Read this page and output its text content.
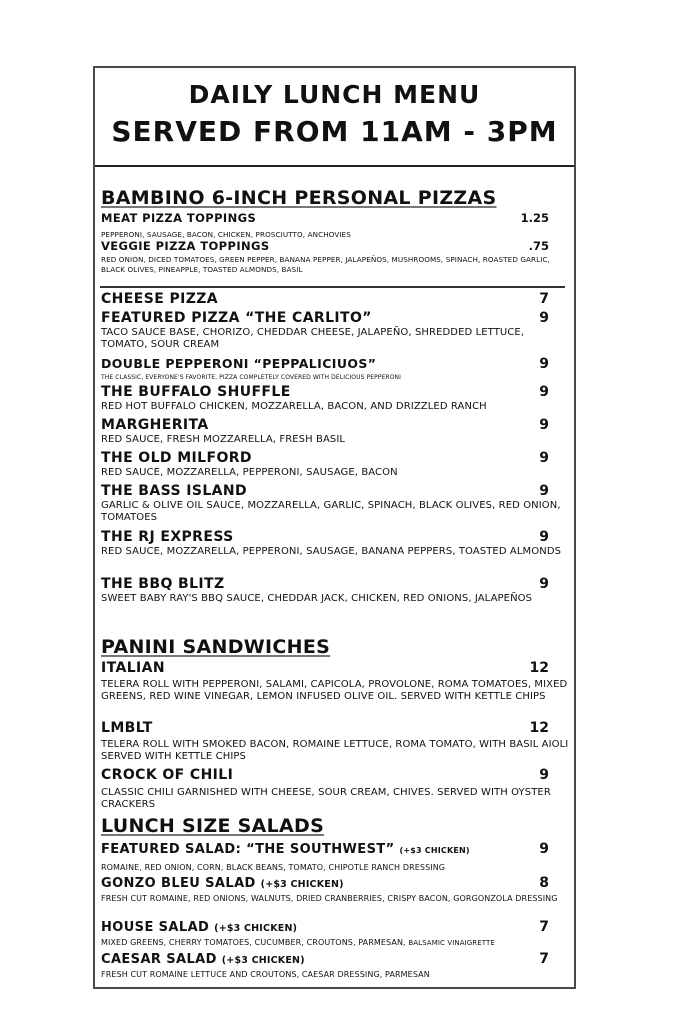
DAILY LUNCH MENU
SERVED FROM 11AM - 3PM
BAMBINO 6-INCH PERSONAL PIZZAS
MEAT PIZZA TOPPINGS	1.25
PEPPERONI, SAUSAGE, BACON, CHICKEN, PROSCIUTTO, ANCHOVIES
VEGGIE PIZZA TOPPINGS	.75
RED ONION, DICED TOMATOES, GREEN PEPPER, BANANA PEPPER, JALAPEÑOS, MUSHROOMS, SPINACH, ROASTED GARLIC, BLACK OLIVES, PINEAPPLE, TOASTED ALMONDS, BASIL
CHEESE PIZZA	7
FEATURED PIZZA “THE CARLITO”	9
TACO SAUCE BASE, CHORIZO, CHEDDAR CHEESE, JALAPEÑO, SHREDDED LETTUCE, TOMATO, SOUR CREAM
DOUBLE PEPPERONI “PEPPALICIUOS”	9
THE CLASSIC, EVERYONE'S FAVORITE, PIZZA COMPLETELY COVERED WITH DELICIOUS PEPPERONI
THE BUFFALO SHUFFLE	9
RED HOT BUFFALO CHICKEN, MOZZARELLA, BACON, AND DRIZZLED RANCH
MARGHERITA	9
RED SAUCE, FRESH MOZZARELLA, FRESH BASIL
THE OLD MILFORD	9
RED SAUCE, MOZZARELLA, PEPPERONI, SAUSAGE, BACON
THE BASS ISLAND	9
GARLIC & OLIVE OIL SAUCE, MOZZARELLA, GARLIC, SPINACH, BLACK OLIVES, RED ONION, TOMATOES
THE RJ EXPRESS	9
RED SAUCE, MOZZARELLA, PEPPERONI, SAUSAGE, BANANA PEPPERS, TOASTED ALMONDS
THE BBQ BLITZ	9
SWEET BABY RAY'S BBQ SAUCE, CHEDDAR JACK, CHICKEN, RED ONIONS, JALAPEÑOS
PANINI SANDWICHES
ITALIAN	12
TELERA ROLL WITH PEPPERONI, SALAMI, CAPICOLA, PROVOLONE, ROMA TOMATOES, MIXED GREENS, RED WINE VINEGAR, LEMON INFUSED OLIVE OIL. SERVED WITH KETTLE CHIPS
LMBLT	12
TELERA ROLL WITH SMOKED BACON, ROMAINE LETTUCE, ROMA TOMATO, WITH BASIL AIOLI SERVED WITH KETTLE CHIPS
CROCK OF CHILI	9
CLASSIC CHILI GARNISHED WITH CHEESE, SOUR CREAM, CHIVES. SERVED WITH OYSTER CRACKERS
LUNCH SIZE SALADS
FEATURED SALAD: “THE SOUTHWEST” (+$3 CHICKEN)	9
ROMAINE, RED ONION, CORN, BLACK BEANS, TOMATO, CHIPOTLE RANCH DRESSING
GONZO BLEU SALAD (+$3 CHICKEN)	8
FRESH CUT ROMAINE, RED ONIONS, WALNUTS, DRIED CRANBERRIES, CRISPY BACON, GORGONZOLA DRESSING
HOUSE SALAD (+$3 CHICKEN)	7
MIXED GREENS, CHERRY TOMATOES, CUCUMBER, CROUTONS, PARMESAN, BALSAMIC VINAIGRETTE
CAESAR SALAD (+$3 CHICKEN)	7
FRESH CUT ROMAINE LETTUCE AND CROUTONS, CAESAR DRESSING, PARMESAN
